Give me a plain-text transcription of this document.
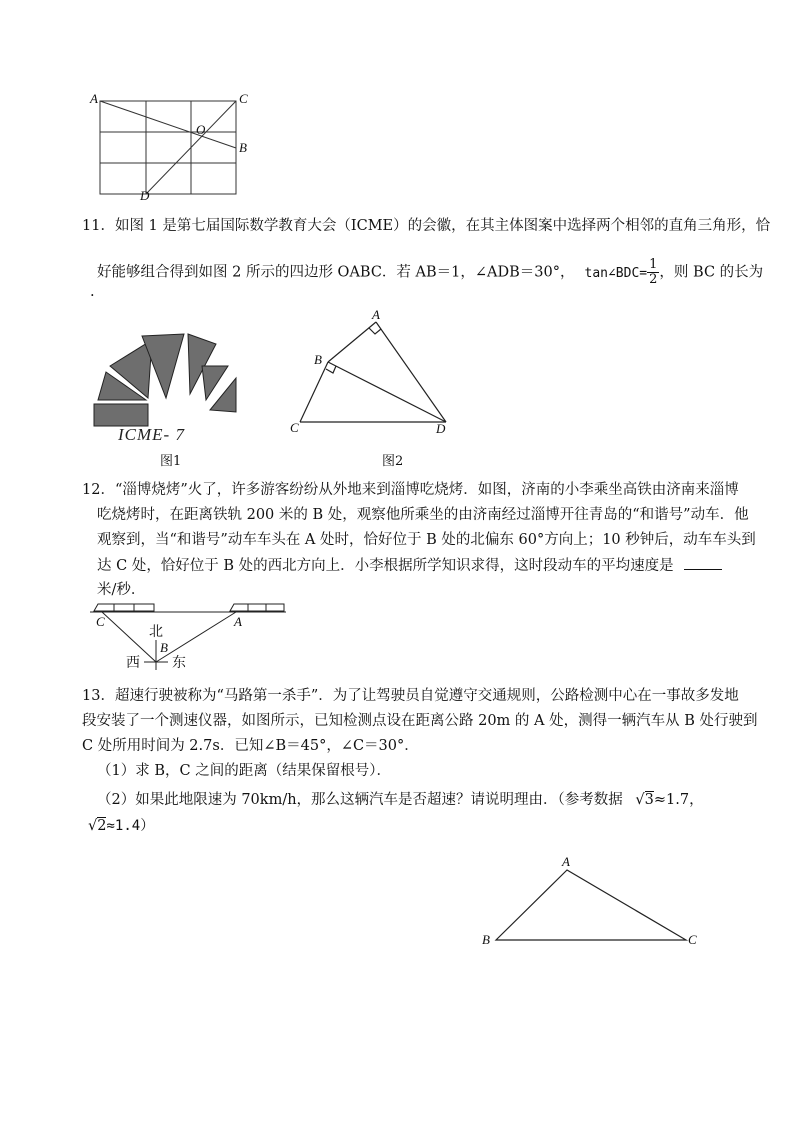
A	C
O
B
D
11．如图 1 是第七届国际数学教育大会（ICME）的会徽，在其主体图案中选择两个相邻的直角三角形，恰
好能够组合得到如图 2 所示的四边形 OABC．若 AB＝1，∠ADB＝30°， tan∠BDC= $\frac{1}{2}$ ，则 BC 的长为
.
ICME- 7
图1
A
B
C	D
图2
12．“淄博烧烤”火了，许多游客纷纷从外地来到淄博吃烧烤．如图，济南的小李乘坐高铁由济南来淄博
吃烧烤时，在距离铁轨 200 米的 B 处，观察他所乘坐的由济南经过淄博开往青岛的“和谐号”动车．他
观察到，当“和谐号”动车车头在 A 处时，恰好位于 B 处的北偏东 60°方向上；10 秒钟后，动车车头到
达 C 处，恰好位于 B 处的西北方向上．小李根据所学知识求得，这时段动车的平均速度是
米/秒．
C	A
B
北
西 东
13．超速行驶被称为“马路第一杀手”．为了让驾驶员自觉遵守交通规则，公路检测中心在一事故多发地
段安装了一个测速仪器，如图所示，已知检测点设在距离公路 20m 的 A 处，测得一辆汽车从 B 处行驶到
C 处所用时间为 2.7s．已知∠B＝45°，∠C＝30°．
（1）求 B，C 之间的距离（结果保留根号）．
（2）如果此地限速为 70km/h，那么这辆汽车是否超速？请说明理由．（参考数据 √3≈1.7，
√2≈1.4）
A
B	C
